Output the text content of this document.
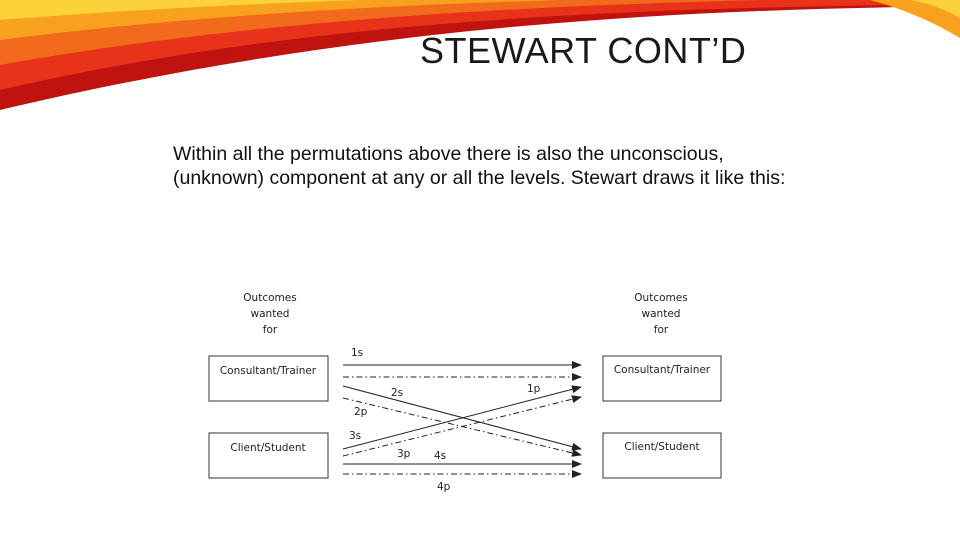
STEWART CONT’D
Within all the permutations above there is also the unconscious, (unknown) component at any or all the levels. Stewart draws it like this:
Outcomes
wanted
for
Outcomes
wanted
for
Consultant/Trainer
Client/Student
Consultant/Trainer
Client/Student
1s
1p
2s
2p
3s
3p 4s
4p
